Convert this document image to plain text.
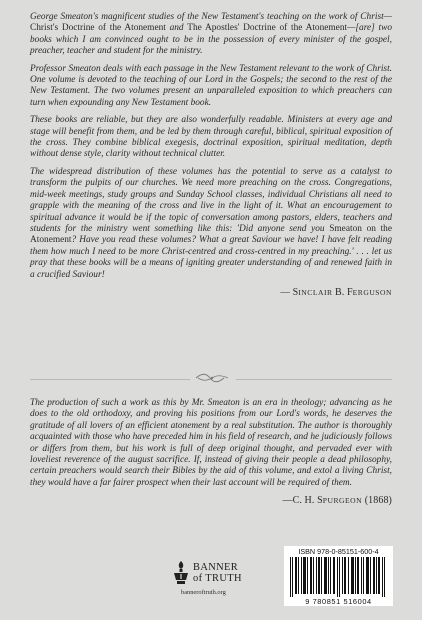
George Smeaton's magnificent studies of the New Testament's teaching on the work of Christ—Christ's Doctrine of the Atonement and The Apostles' Doctrine of the Atonement—[are] two books which I am convinced ought to be in the possession of every minister of the gospel, preacher, teacher and student for the ministry.

Professor Smeaton deals with each passage in the New Testament relevant to the work of Christ. One volume is devoted to the teaching of our Lord in the Gospels; the second to the rest of the New Testament. The two volumes present an unparalleled exposition to which preachers can turn when expounding any New Testament book.

These books are reliable, but they are also wonderfully readable. Ministers at every age and stage will benefit from them, and be led by them through careful, biblical, spiritual exposition of the cross. They combine biblical exegesis, doctrinal exposition, spiritual meditation, depth without dense style, clarity without technical clutter.

The widespread distribution of these volumes has the potential to serve as a catalyst to transform the pulpits of our churches. We need more preaching on the cross. Congregations, mid-week meetings, study groups and Sunday School classes, individual Christians all need to grapple with the meaning of the cross and live in the light of it. What an encouragement to spiritual advance it would be if the topic of conversation among pastors, elders, teachers and students for the ministry went something like this: 'Did anyone send you Smeaton on the Atonement? Have you read these volumes? What a great Saviour we have! I have felt reading them how much I need to be more Christ-centred and cross-centred in my preaching.' . . . let us pray that these books will be a means of igniting greater understanding of and renewed faith in a crucified Saviour!

— SINCLAIR B. FERGUSON

The production of such a work as this by Mr. Smeaton is an era in theology; advancing as he does to the old orthodoxy, and proving his positions from our Lord's words, he deserves the gratitude of all lovers of an efficient atonement by a real substitution. The author is thoroughly acquainted with those who have preceded him in his field of research, and he judiciously follows or differs from them, but his work is full of deep original thought, and pervaded ever with loveliest reverence of the august sacrifice. If, instead of giving their people a dead philosophy, certain preachers would search their Bibles by the aid of this volume, and extol a living Christ, they would have a far fairer prospect when their last account will be required of them.

—C. H. SPURGEON (1868)
BANNER
of TRUTH
banneroftruth.org
ISBN 978-0-85151-600-4
9 780851 516004
